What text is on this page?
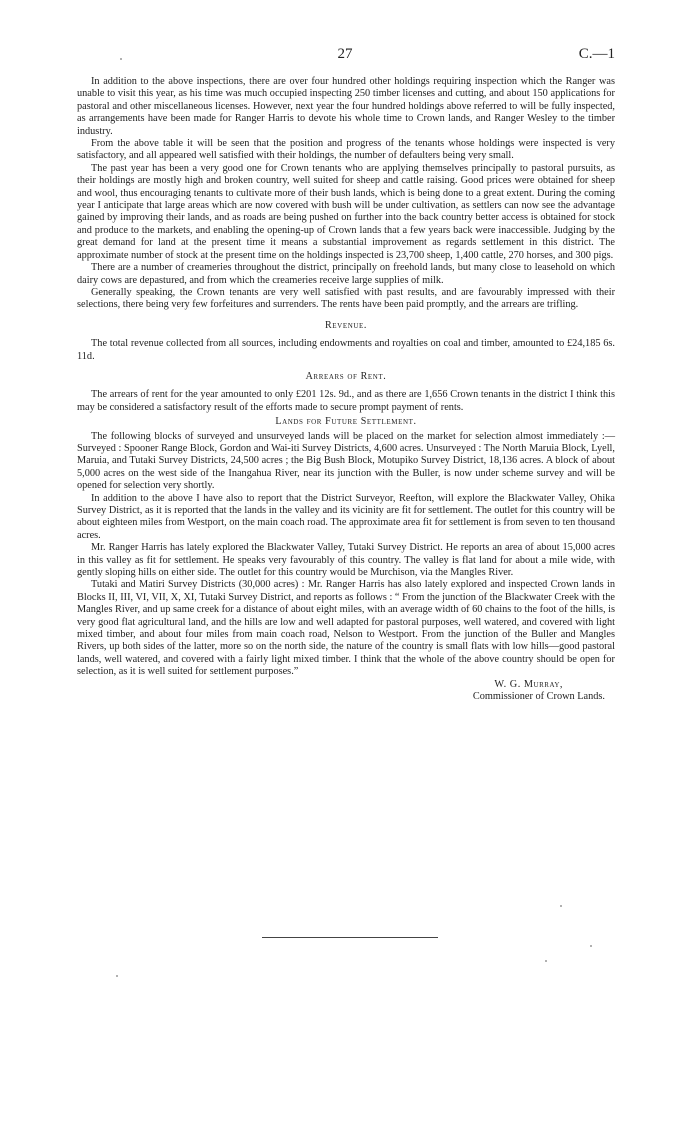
27	C.—1

In addition to the above inspections, there are over four hundred other holdings requiring inspection which the Ranger was unable to visit this year, as his time was much occupied inspecting 250 timber licenses and cutting, and about 150 applications for pastoral and other miscellaneous licenses. However, next year the four hundred holdings above referred to will be fully inspected, as arrangements have been made for Ranger Harris to devote his whole time to Crown lands, and Ranger Wesley to the timber industry.

From the above table it will be seen that the position and progress of the tenants whose holdings were inspected is very satisfactory, and all appeared well satisfied with their holdings, the number of defaulters being very small.

The past year has been a very good one for Crown tenants who are applying themselves principally to pastoral pursuits, as their holdings are mostly high and broken country, well suited for sheep and cattle raising. Good prices were obtained for sheep and wool, thus encouraging tenants to cultivate more of their bush lands, which is being done to a great extent. During the coming year I anticipate that large areas which are now covered with bush will be under cultivation, as settlers can now see the advantage gained by improving their lands, and as roads are being pushed on further into the back country better access is obtained for stock and produce to the markets, and enabling the opening-up of Crown lands that a few years back were inaccessible. Judging by the great demand for land at the present time it means a substantial improvement as regards settlement in this district. The approximate number of stock at the present time on the holdings inspected is 23,700 sheep, 1,400 cattle, 270 horses, and 300 pigs.

There are a number of creameries throughout the district, principally on freehold lands, but many close to leasehold on which dairy cows are depastured, and from which the creameries receive large supplies of milk.

Generally speaking, the Crown tenants are very well satisfied with past results, and are favourably impressed with their selections, there being very few forfeitures and surrenders. The rents have been paid promptly, and the arrears are trifling.

Revenue.

The total revenue collected from all sources, including endowments and royalties on coal and timber, amounted to £24,185 6s. 11d.

Arrears of Rent.

The arrears of rent for the year amounted to only £201 12s. 9d., and as there are 1,656 Crown tenants in the district I think this may be considered a satisfactory result of the efforts made to secure prompt payment of rents.

Lands for Future Settlement.

The following blocks of surveyed and unsurveyed lands will be placed on the market for selection almost immediately :—Surveyed : Spooner Range Block, Gordon and Wai-iti Survey Districts, 4,600 acres. Unsurveyed : The North Maruia Block, Lyell, Maruia, and Tutaki Survey Districts, 24,500 acres ; the Big Bush Block, Motupiko Survey District, 18,136 acres. A block of about 5,000 acres on the west side of the Inangahua River, near its junction with the Buller, is now under scheme survey and will be opened for selection very shortly.

In addition to the above I have also to report that the District Surveyor, Reefton, will explore the Blackwater Valley, Ohika Survey District, as it is reported that the lands in the valley and its vicinity are fit for settlement. The outlet for this country will be about eighteen miles from Westport, on the main coach road. The approximate area fit for settlement is from seven to ten thousand acres.

Mr. Ranger Harris has lately explored the Blackwater Valley, Tutaki Survey District. He reports an area of about 15,000 acres in this valley as fit for settlement. He speaks very favourably of this country. The valley is flat land for about a mile wide, with gently sloping hills on either side. The outlet for this country would be Murchison, via the Mangles River.

Tutaki and Matiri Survey Districts (30,000 acres) : Mr. Ranger Harris has also lately explored and inspected Crown lands in Blocks II, III, VI, VII, X, XI, Tutaki Survey District, and reports as follows : “ From the junction of the Blackwater Creek with the Mangles River, and up same creek for a distance of about eight miles, with an average width of 60 chains to the foot of the hills, is very good flat agricultural land, and the hills are low and well adapted for pastoral purposes, well watered, and covered with light mixed timber, and about four miles from main coach road, Nelson to Westport. From the junction of the Buller and Mangles Rivers, up both sides of the latter, more so on the north side, the nature of the country is small flats with low hills—good pastoral lands, well watered, and covered with a fairly light mixed timber. I think that the whole of the above country should be open for selection, as it is well suited for settlement purposes.”

W. G. Murray,
Commissioner of Crown Lands.
